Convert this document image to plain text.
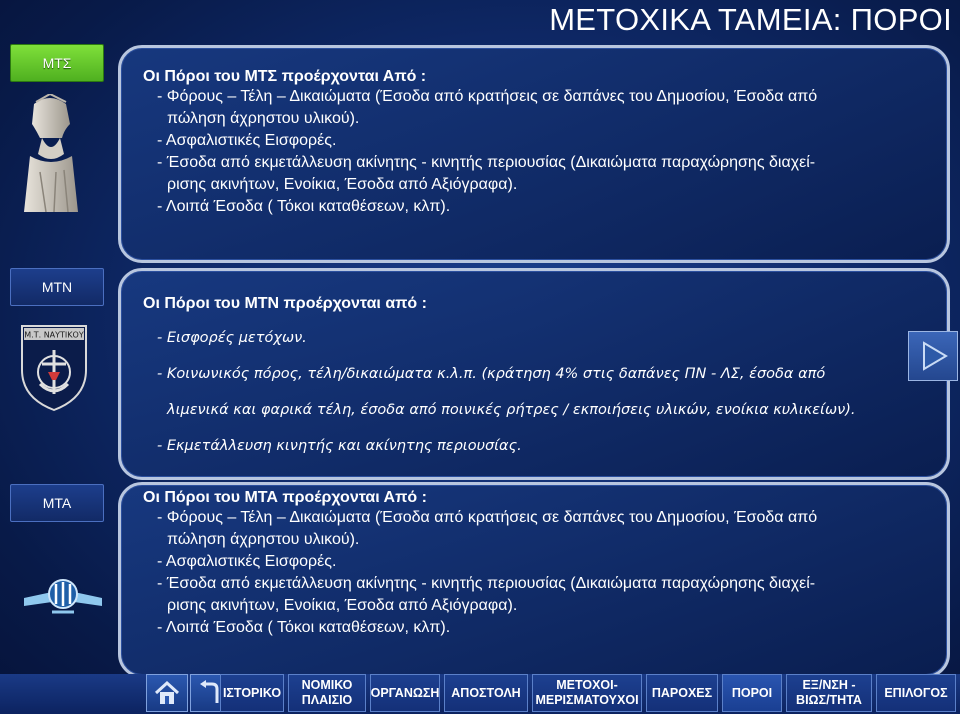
ΜΕΤΟΧΙΚΑ ΤΑΜΕΙΑ: ΠΟΡΟΙ
ΜΤΣ
ΜΤΝ
ΜΤΑ
Μ.Τ. ΝΑΥΤΙΚΟΥ

Οι Πόροι του ΜΤΣ προέρχονται Από :

- Φόρους – Τέλη – Δικαιώματα (Έσοδα από κρατήσεις σε δαπάνες του Δημοσίου, Έσοδα από

πώληση άχρηστου υλικού).

- Ασφαλιστικές Εισφορές.

- Έσοδα από εκμετάλλευση ακίνητης - κινητής περιουσίας (Δικαιώματα παραχώρησης διαχεί-

ρισης ακινήτων, Ενοίκια, Έσοδα από Αξιόγραφα).

- Λοιπά Έσοδα ( Τόκοι καταθέσεων, κλπ).

Οι Πόροι του ΜΤΝ προέρχονται από :

- Εισφορές μετόχων.

- Κοινωνικός πόρος, τέλη/δικαιώματα κ.λ.π. (κράτηση 4% στις δαπάνες ΠΝ - ΛΣ, έσοδα από

λιμενικά και φαρικά τέλη, έσοδα από ποινικές ρήτρες / εκποιήσεις υλικών, ενοίκια κυλικείων).

- Εκμετάλλευση κινητής και ακίνητης περιουσίας.

Οι Πόροι του ΜΤΑ προέρχονται Από :

- Φόρους – Τέλη – Δικαιώματα (Έσοδα από κρατήσεις σε δαπάνες του Δημοσίου, Έσοδα από

πώληση άχρηστου υλικού).

- Ασφαλιστικές Εισφορές.

- Έσοδα από εκμετάλλευση ακίνητης - κινητής περιουσίας (Δικαιώματα παραχώρησης διαχεί-

ρισης ακινήτων, Ενοίκια, Έσοδα από Αξιόγραφα).

- Λοιπά Έσοδα ( Τόκοι καταθέσεων, κλπ).

ΙΣΤΟΡΙΚΟ
ΝΟΜΙΚΟ
ΠΛΑΙΣΙΟ
ΟΡΓΑΝΩΣΗ ΑΠΟΣΤΟΛΗ
ΜΕΤΟΧΟΙ-
ΜΕΡΙΣΜΑΤΟΥΧΟΙ
ΠΑΡΟΧΕΣ	ΠΟΡΟΙ
ΕΞ/ΝΣΗ -
ΒΙΩΣ/ΤΗΤΑ
ΕΠΙΛΟΓΟΣ
